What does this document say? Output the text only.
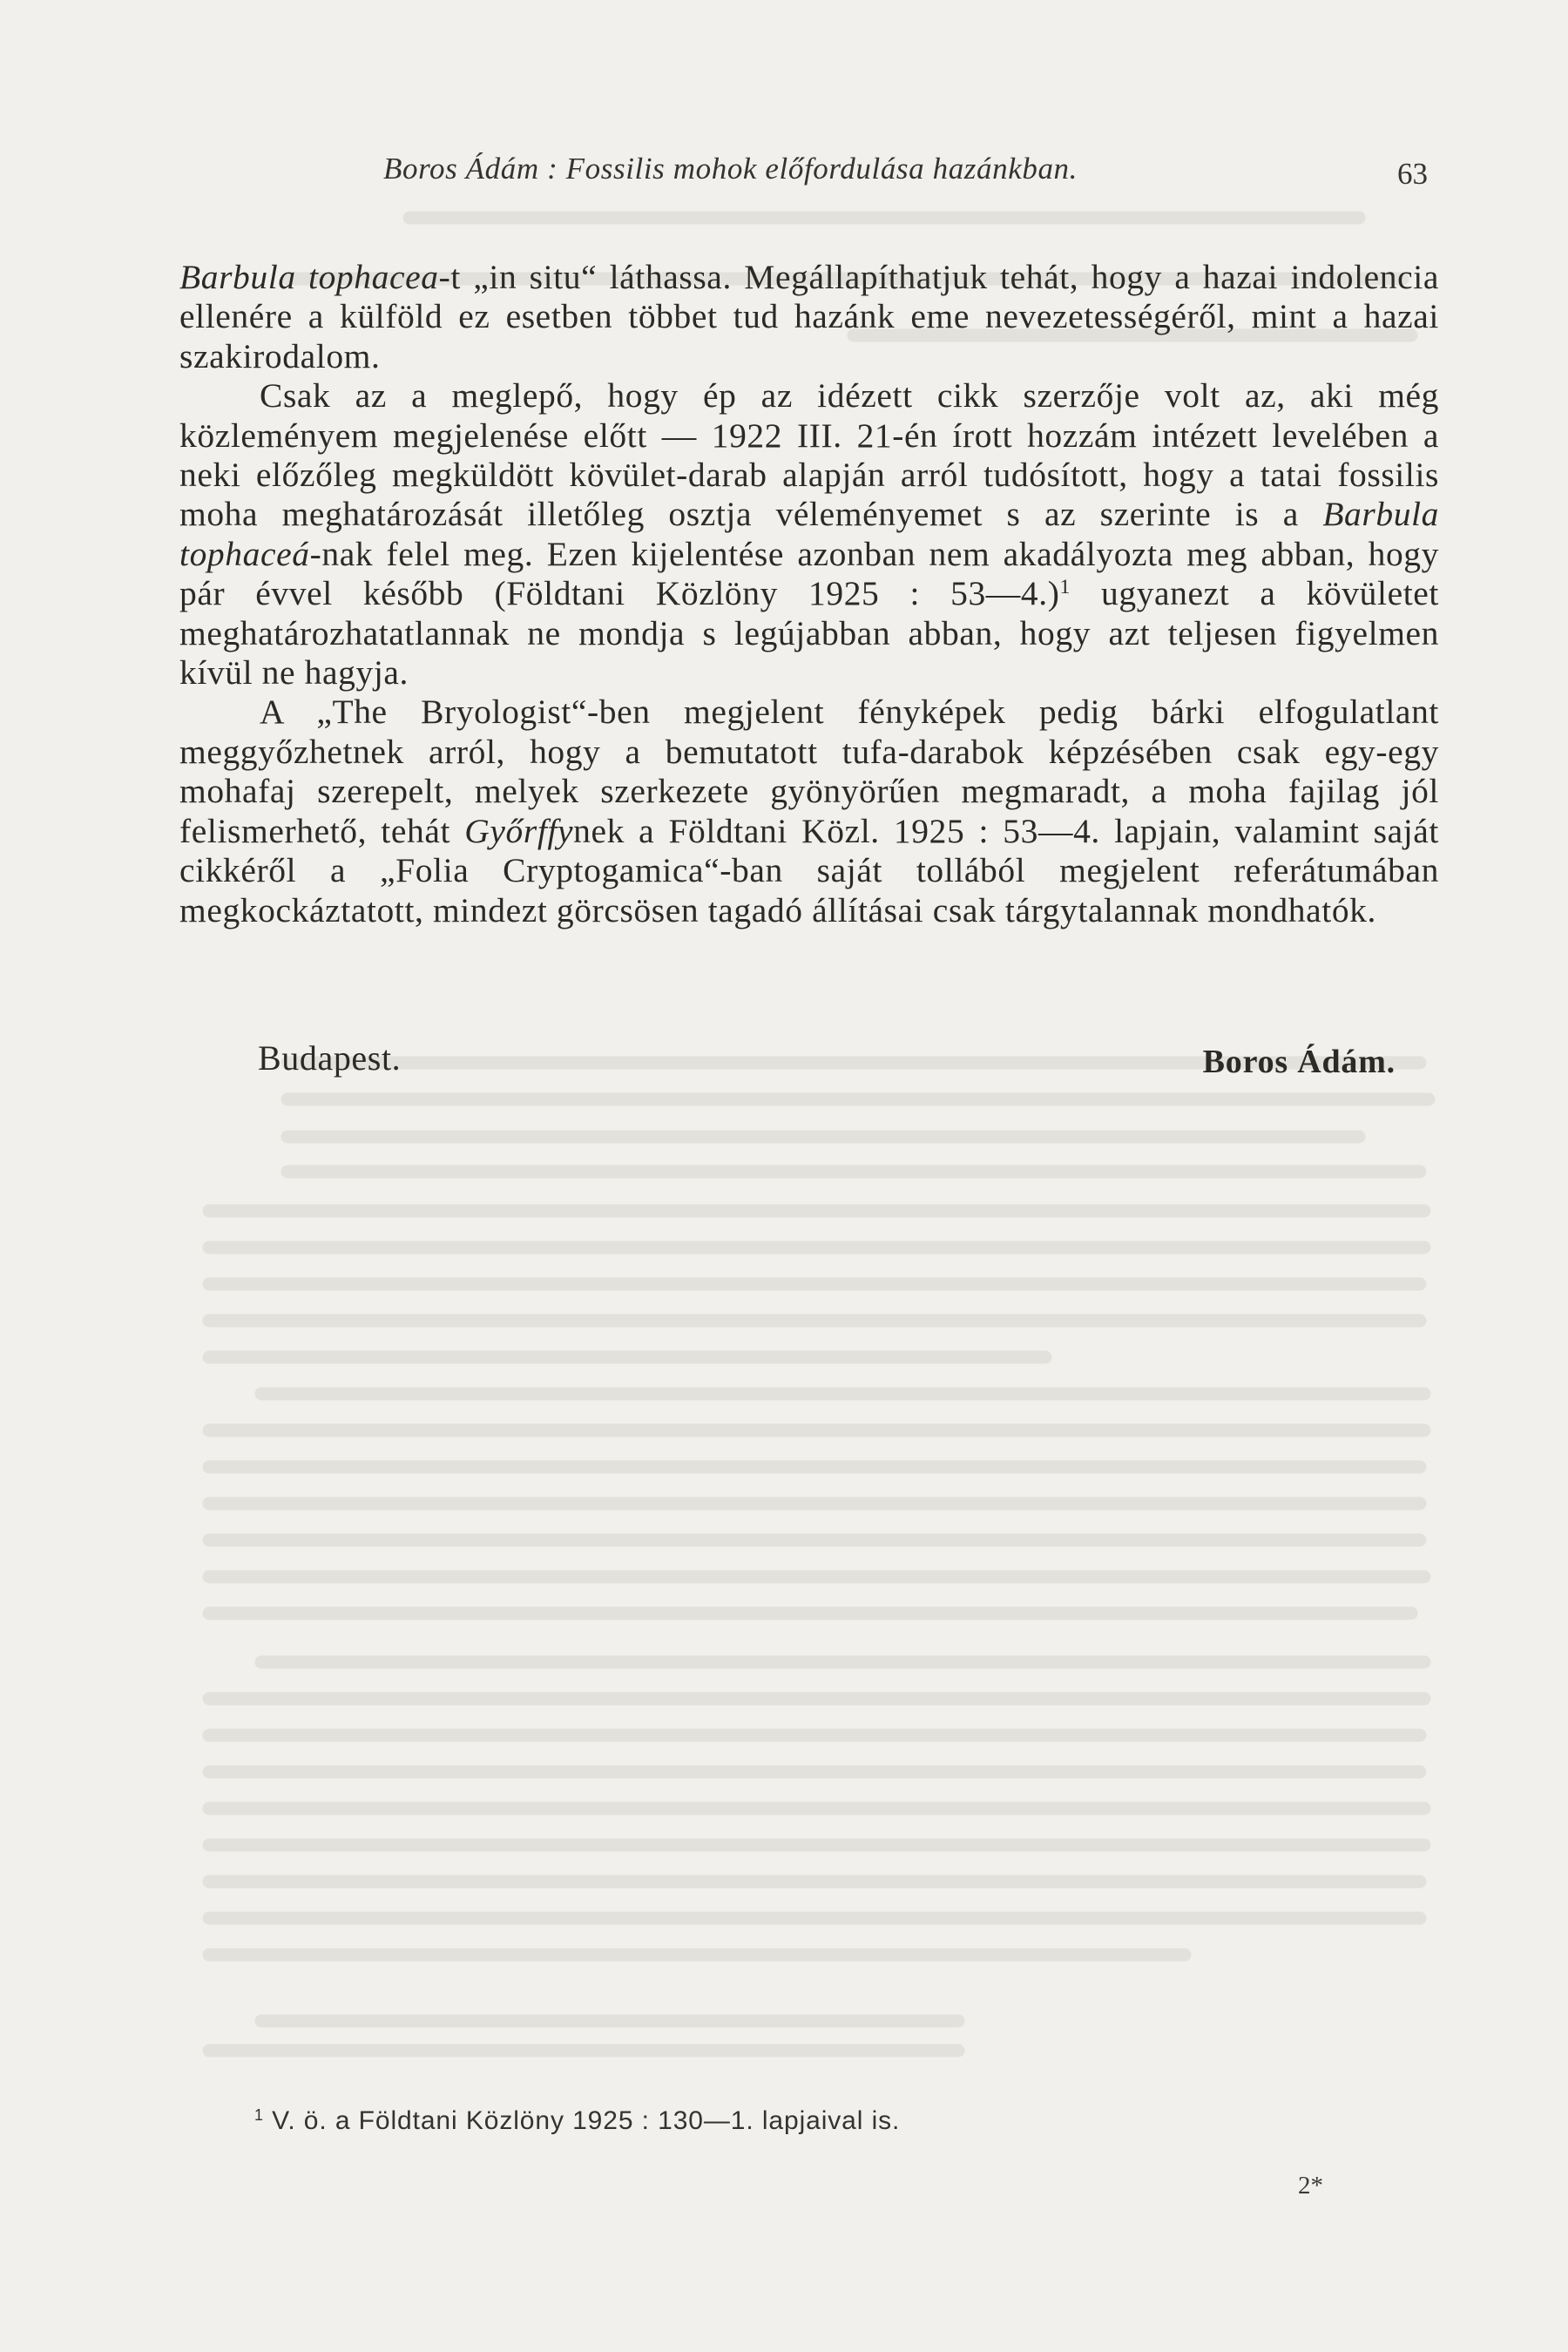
Boros Ádám : Fossilis mohok előfordulása hazánkban.	63

Barbula tophacea-t „in situ“ láthassa. Megállapíthatjuk tehát, hogy a hazai indolencia ellenére a külföld ez esetben többet tud hazánk eme nevezetességéről, mint a hazai szakirodalom.

Csak az a meglepő, hogy ép az idézett cikk szerzője volt az, aki még közleményem megjelenése előtt — 1922 III. 21-én írott hozzám intézett levelében a neki előzőleg megküldött kövület-darab alapján arról tudósított, hogy a tatai fossilis moha meghatározását illetőleg osztja véleményemet s az szerinte is a Barbula tophaceá-nak felel meg. Ezen kijelentése azonban nem akadályozta meg abban, hogy pár évvel később (Földtani Közlöny 1925 : 53—4.)$^1$ ugyanezt a kövületet meghatározhatatlannak ne mondja s legújabban abban, hogy azt teljesen figyelmen kívül ne hagyja.

A „The Bryologist“-ben megjelent fényképek pedig bárki elfogulatlant meggyőzhetnek arról, hogy a bemutatott tufa-darabok képzésében csak egy-egy mohafaj szerepelt, melyek szerkezete gyönyörűen megmaradt, a moha fajilag jól felismerhető, tehát Győrffynek a Földtani Közl. 1925 : 53—4. lapjain, valamint saját cikkéről a „Folia Cryptogamica“-ban saját tollából megjelent referátumában megkockáztatott, mindezt görcsösen tagadó állításai csak tárgytalannak mondhatók.

Budapest.	Boros Ádám.
$^1$ V. ö. a Földtani Közlöny 1925 : 130—1. lapjaival is.
2*
